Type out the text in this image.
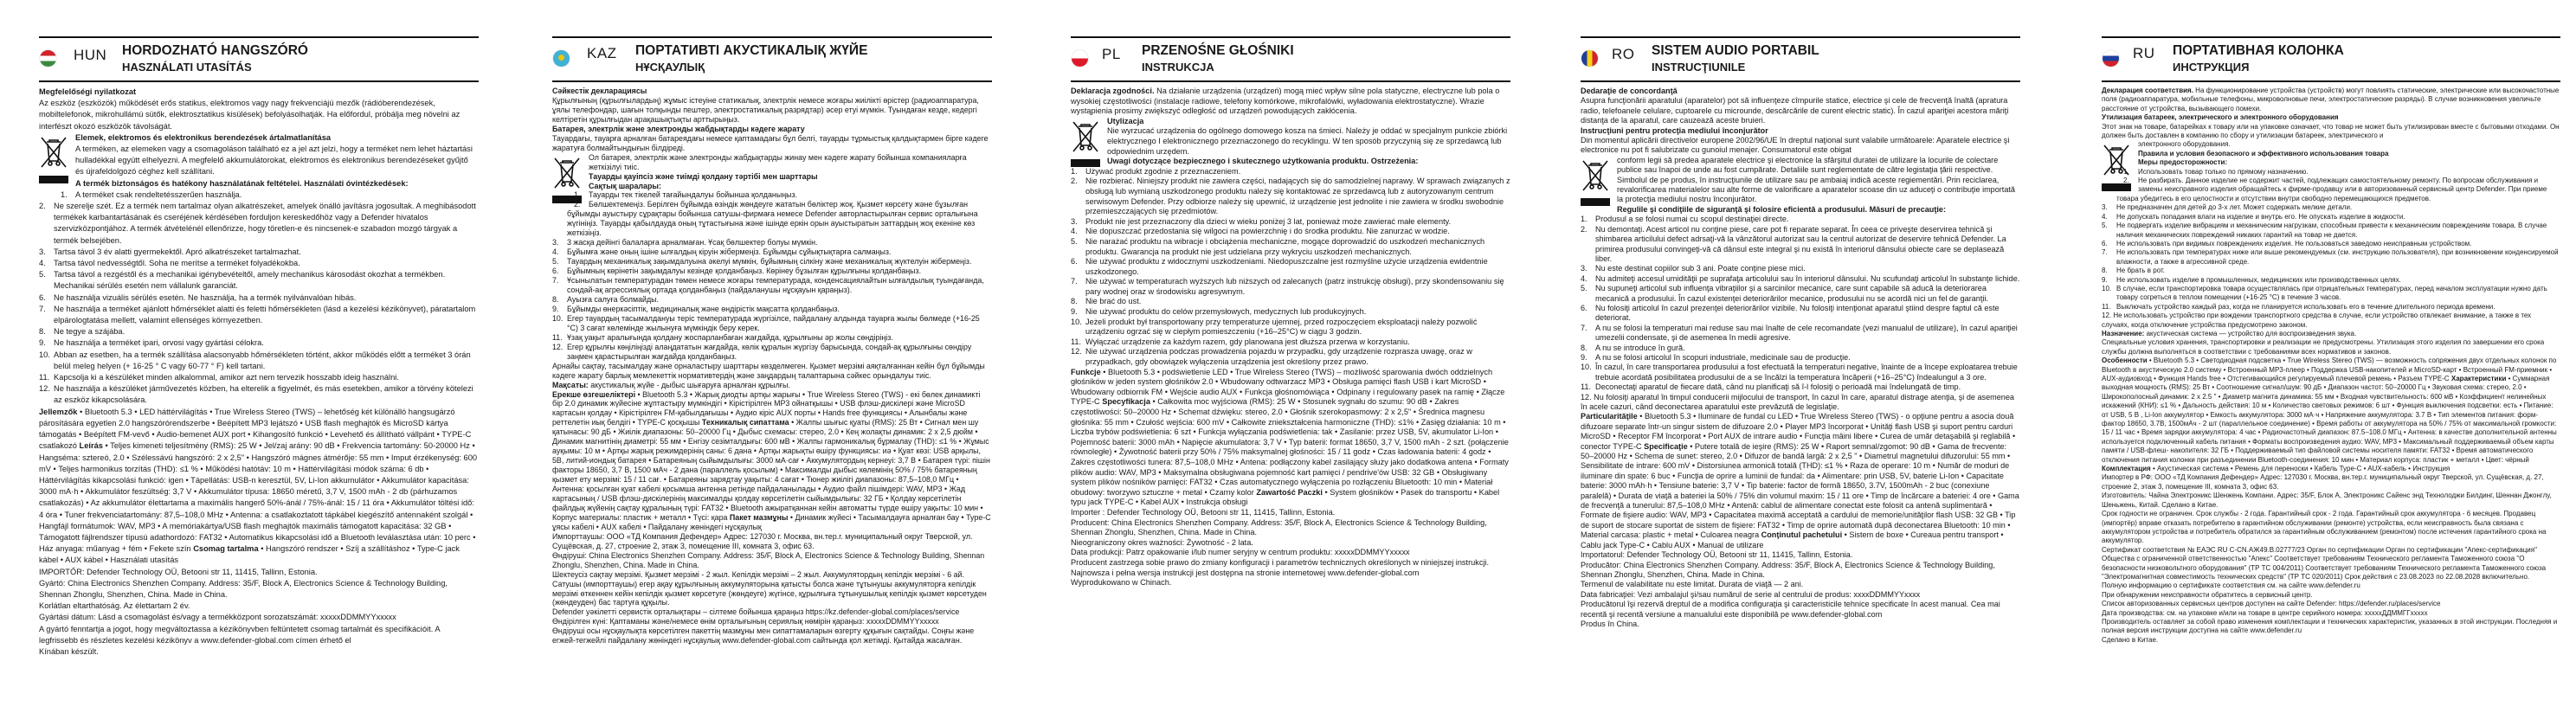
HUN HORDOZHATÓ HANGSZÓRÓ
HASZNÁLATI UTASÍTÁS
Megfelelőségi nyilatkozat
Az eszköz (eszközök) működését erős statikus, elektromos vagy nagy frekvenciájú mezők (rádióberendezések, mobiltelefonok, mikrohullámú sütők, elektrosztatikus kisülések) befolyásolhatják. Ha előfordul, próbálja meg növelni az interfészt okozó eszközök távolságát.
Elemek, elektromos és elektronikus berendezések ártalmatlanítása
A terméken, az elemeken vagy a csomagoláson található ez a jel azt jelzi, hogy a terméket nem lehet háztartási hulladékkal együtt elhelyezni. A megfelelő akkumulátorokat, elektromos és elektronikus berendezéseket gyűjtő és újrafeldolgozó céghez kell szállítani.
A termék biztonságos és hatékony használatának feltételei. Használati óvintézkedések:
1. A terméket csak rendeltetésszerűen használja.
2. Ne szerelje szét. Ez a termék nem tartalmaz olyan alkatrészeket, amelyek önálló javításra jogosultak. A meghibásodott termékek karbantartásának és cseréjének kérdésében forduljon kereskedőhöz vagy a Defender hivatalos szervizközpontjához. A termék átvételénél ellenőrizze, hogy töretlen-e és nincsenek-e szabadon mozgó tárgyak a termék belsejében.
3. Tartsa távol 3 év alatti gyermekektől. Apró alkatrészeket tartalmazhat.
4. Tartsa távol nedvességtől. Soha ne merítse a terméket folyadékokba.
5. Tartsa távol a rezgéstől és a mechanikai igénybevételtől, amely mechanikus károsodást okozhat a termékben. Mechanikai sérülés esetén nem vállalunk garanciát.
6. Ne használja vizuális sérülés esetén. Ne használja, ha a termék nyilvánvalóan hibás.
7. Ne használja a terméket ajánlott hőmérséklet alatti és feletti hőmérsékleten (lásd a kezelési kézikönyvet), páratartalom elpárologtatása mellett, valamint ellenséges környezetben.
8. Ne tegye a szájába.
9. Ne használja a terméket ipari, orvosi vagy gyártási célokra.
10. Abban az esetben, ha a termék szállítása alacsonyabb hőmérsékleten történt, akkor működés előtt a terméket 3 órán belül meleg helyen (+ 16-25 ° C vagy 60-77 ° F) kell tartani.
11. Kapcsolja ki a készüléket minden alkalommal, amikor azt nem tervezik hosszabb ideig használni.
12. Ne használja a készüléket járművezetés közben, ha elterelik a figyelmét, és más esetekben, amikor a törvény kötelezi az eszköz kikapcsolására.
Jellemzők • Bluetooth 5.3 • LED háttérvilágítás • True Wireless Stereo (TWS) – lehetőség két különálló hangsugárzó párosítására egyetlen 2.0 hangszórórendszerbe • Beépített MP3 lejátszó • USB flash meghajtók és MicroSD kártya támogatás • Beépített FM-vevő • Audio-bemenet AUX port • Kihangosító funkció • Levehető és állítható vállpánt • TYPE-C csatlakozó Leírás • Teljes kimeneti teljesítmény (RMS): 25 W • Jel/zaj arány: 90 dB • Frekvencia tartomány: 50-20000 Hz • Hangséma: sztereó, 2.0 • Szélessávú hangszóró: 2 x 2,5" • Hangszóró mágnes átmérője: 55 mm • Imput érzékenység: 600 mV • Teljes harmonikus torzítás (THD): ≤1 % • Működési hatótáv: 10 m • Háttérvilágítási módok száma: 6 db • Háttérvilágítás kikapcsolási funkció: igen • Tápellátás: USB-n keresztül, 5V, Li-Ion akkumulátor • Akkumulátor kapacitása: 3000 mA·h • Akkumulátor feszültség: 3,7 V • Akkumulátor típusa: 18650 méretű, 3,7 V, 1500 mAh - 2 db (párhuzamos csatlakozás) • Az akkumulátor élettartama a maximális hangerő 50%-ánál / 75%-ánál: 15 / 11 óra • Akkumulátor töltési idő: 4 óra • Tuner frekvenciatartomány: 87,5–108,0 MHz • Antenna: a csatlakoztatott tápkábel kiegészítő antennaként szolgál • Hangfájl formátumok: WAV, MP3 • A memóriakártya/USB flash meghajtók maximális támogatott kapacitása: 32 GB • Támogatott fájlrendszer típusú adathordozó: FAT32 • Automatikus kikapcsolási idő a Bluetooth leválasztása után: 10 perc • Ház anyaga: műanyag + fém • Fekete szín Csomag tartalma • Hangszóró rendszer • Szíj a szállításhoz • Type-C jack kábel • AUX kábel • Használati utasítás
IMPORTŐR: Defender Technology OÜ, Betooni str 11, 11415, Tallinn, Estonia.
Gyártó: China Electronics Shenzhen Company. Address: 35/F, Block A, Electronics Science & Technology Building, Shennan Zhonglu, Shenzhen, China. Made in China.
Korlátlan eltarthatóság. Az élettartam 2 év.
Gyártási dátum: Lásd a csomagolást és/vagy a termékközpont sorozatszámát: xxxxxDDMMYYxxxxx
A gyártó fenntartja a jogot, hogy megváltoztassa a kézikönyvben feltüntetett csomag tartalmát és specifikációit. A legfrissebb és részletes kezelési kézikönyv a www.defender-global.com címen érhető el
Kínában készült.
KAZ ПОРТАТИВТІ АКУСТИКАЛЫҚ ЖҮЙЕ
НҰСҚАУЛЫҚ
Сәйкестік декларациясы
Құрылғының (құрылғылардың) жұмыс істеуіне статикалық, электрлік немесе жоғары жиілікті өрістер (радиоаппаратура, ұялы телефондар, шағын толқынды пештер, электростатикалық разрядтар) әсер етуі мүмкін. Туындаған кезде, кедергі келтіретін құрылғыдан арақашықтықты арттырыңыз.
Батарея, электрлік және электронды жабдықтарды кәдеге жарату
Тауардағы, тауарға арналған батареядағы немесе қаптамадағы бұл белгі, тауарды тұрмыстық қалдықтармен бірге кәдеге жаратуға болмайтындығын білдіреді.
Ол батарея, электрлік және электронды жабдықтарды жинау мен кәдеге жарату бойынша компанияларға жеткізілуі тиіс.
Тауарды қауіпсіз және тиімді қолдану тәртібі мен шарттары
Сақтық шаралары:
1. Тауарды тек тікелей тағайындалуы бойынша қолданыңыз.
2. Бөлшектемеңіз. Берілген бұйымда өзіндік жөндеуге жататын бөліктер жоқ. Қызмет көрсету және бұзылған бұйымды ауыстыру сұрақтары бойынша сатушы-фирмаға немесе Defender авторластырылған сервис орталығына жүгініңіз. Тауарды қабылдауда оның тұтастығына және ішінде еркін орын ауыстыратын заттардың жоқ екеніне көз жеткізіңіз.
3. 3 жасқа дейінгі балаларға арналмаған. Ұсақ бөлшектер болуы мүмкін.
4. Бұйымға және оның ішіне ылғалдың кіруін жібермеңіз. Бұйымды сұйықтықтарға салмаңыз.
5. Тауардың механикалық зақымдалуына әкелуі мүмкін, бұйымның сілкіну және механикалық жүктелуін жібермеңіз.
6. Бұйымның көрінетін зақымдалуы кезінде қолданбаңыз. Көрінеу бұзылған құрылғыны қолданбаңыз.
7. Ұсынылатын температурадан төмен немесе жоғары температурада, конденсациялайтын ылғалдылық туындағанда, сондай-ақ агрессиялық ортада қолданбаңыз (пайдаланушы нұсқауын қараңыз).
8. Ауызға салуға болмайды.
9. Бұйымды өнеркәсіптік, медициналық және өндірістік мақсатта қолданбаңыз.
10. Егер тауардың тасымалдануы теріс температурада жүргізілсе, пайдалану алдында тауарға жылы бөлмеде (+16-25 °С) 3 сағат көлемінде жылынуға мүмкіндік беру керек.
11. Ұзақ уақыт аралығында қолдану жоспарланбаған жағдайда, құрылғыны әр жолы сөндіріңіз.
12. Егер құрылғы көңіліңізді алаңдататын жағдайда, көлік құралын жүргізу барысында, сондай-ақ құрылғыны сөндіру заңмен қарастырылған жағдайда қолданбаңыз.
Арнайы сақтау, тасымалдау және орналастыру шарттары көзделмеген. Қызмет мерзімі аяқталғаннан кейін бұл бұйымды кәдеге жарату барлық мемлекеттік нормативтердің және заңдардың талаптарына сәйкес орындалуы тиіс.
Мақсаты: акустикалық жүйе - дыбыс шығаруға арналған құрылғы.
Ерекше өзгешеліктері • Bluetooth 5.3 • Жарық диодты артқы жарығы • True Wireless Stereo (TWS) - екі бөлек динамикті бір 2.0 динамик жүйесіне жұптастыру мүмкіндігі • Кірістірілген MP3 ойнатқышы • USB флэш-дискілері және MicroSD картасын қолдау • Кірістірілген FM-қабылдағышы • Аудио кіріс AUX порты • Hands free функциясы • Алынбалы және реттелетін иық белдігі • TYPE-C қосқышы Техникалық сипаттама • Жалпы шығыс қуаты (RMS): 25 Вт • Сигнал мен шу қатынасы: 90 дБ • Жиілік диапазоны: 50–20000 Гц • Дыбыс схемасы: стерео, 2.0 • Кең жолақты динамик: 2 x 2,5 дюйм • Динамик магнитінің диаметрі: 55 мм • Енгізу сезімталдығы: 600 мВ • Жалпы гармоникалық бұрмалау (THD): ≤1 % • Жұмыс ауқымы: 10 м • Артқы жарық режимдерінің саны: 6 дана • Артқы жарықты өшіру функциясы: иә • Қуат көзі: USB арқылы, 5В, литий-иондық батарея • Батареяның сыйымдылығы: 3000 мА·сағ • Аккумулятордың кернеуі: 3,7 В • Батарея түрі: пішін факторы 18650, 3,7 В, 1500 мАч - 2 дана (параллель қосылым) • Максималды дыбыс көлемінің 50% / 75% батареяның қызмет ету мерзімі: 15 / 11 сағ. • Батареяны зарядтау уақыты: 4 сағат • Тюнер жиілігі диапазоны: 87,5–108,0 МГц • Антенна: қосылған қуат кабелі қосымша антенна ретінде пайдаланылады • Аудио файл пішімдері: WAV, MP3 • Жад картасының / USB флэш-дискілерінің максималды қолдау көрсетілетін сыйымдылығы: 32 ГБ • Қолдау көрсетілетін файлдық жүйенің сақтау құралының түрі: FAT32 • Bluetooth ажыратқаннан кейін автоматты түрде өшіру уақыты: 10 мин • Корпус материалы: пластик + металл • Түсі: қара Пакет мазмұны • Динамик жүйесі • Тасымалдауға арналған бау • Type-C ұясы кабелі • AUX кабелі • Пайдалану жөніндегі нұсқаулық
Импорттаушы: ООО «ТД Компания Дефендер» Адрес: 127030 г. Москва, вн.тер.г. муниципальный округ Тверской, ул. Сущёвская, д. 27, строение 2, этаж 3, помещение III, комната 3, офис 63.
Өндіруші: China Electronics Shenzhen Company. Address: 35/F, Block A, Electronics Science & Technology Building, Shennan Zhonglu, Shenzhen, China. Made in China.
Шектеусіз сақтау мерзімі. Қызмет мерзімі - 2 жыл. Кепілдік мерзімі – 2 жыл. Аккумулятордың кепілдік мерзімі - 6 ай. Сатушы (импорттаушы) егер ақау құрылғының аккумуляторына қатысты болса және тұтынушы аккумуляторға кепілдік мерзімі өткеннен кейін кепілдік қызмет көрсетуге (жөндеуге) жүгінсе, құрылғыға тұтынушылық кепілдік қызмет көрсетуден (жөндеуден) бас тартуға құқылы.
Defender уәкілетті сервистік орталықтары – сілтеме бойынша қараңыз https://kz.defender-global.com/places/service
Өндірілген күні: Қаптаманы және/немесе өнім орталығының сериялық нөмірін қараңыз: xxxxxDDMMYYxxxxx
Өндіруші осы нұсқаулықта көрсетілген пакеттің мазмұны мен сипаттамаларын өзгерту құқығын сақтайды. Соңғы және егжей-тегжейлі пайдалану жөніндегі нұсқаулық www.defender-global.com сайтында қол жетімді. Қытайда жасалған.
PL PRZENOŚNE GŁOŚNIKI
INSTRUKCJA
Deklaracja zgodności. Na działanie urządzenia (urządzeń) mogą mieć wpływ silne pola statyczne, electryczne lub pola o wysokiej częstotliwości (instalacje radiowe, telefony komórkowe, mikrofalówki, wyładowania elektrostatyczne). Wrazie wystąpienia prosimy zwiększyć odległość od urządzeń powodujących zakłócenia.
Utylizacja
Nie wyrzucać urządzenia do ogólnego domowego kosza na śmieci. Należy je oddać w specjalnym punkcie zbiórki elektrycznego I elektronicznego przeznaczonego do recyklingu. W ten sposób przyczynią się ze sprzedawcą lub odpowiednim urzędem.
Uwagi dotyczące bezpiecznego i skutecznego użytkowania produktu. Ostrzeżenia:
1. Używać produkt zgodnie z przeznaczeniem.
2. Nie rozbierać. Niniejszy produkt nie zawiera części, nadających się do samodzielnej naprawy. W sprawach związanych z obsługą lub wymianą uszkodzonego produktu należy się kontaktować ze sprzedawcą lub z autoryzowanym centrum serwisowym Defender. Przy odbiorze należy się upewnić, iż urządzenie jest jednolite i nie zawiera w środku swobodnie przemieszczających się przedmiotów.
3. Produkt nie jest przeznaczony dla dzieci w wieku poniżej 3 lat, ponieważ może zawierać małe elementy.
4. Nie dopuszczać przedostania się wilgoci na powierzchnię i do środka produktu. Nie zanurzać w wodzie.
5. Nie narażać produktu na wibracje i obciążenia mechaniczne, mogące doprowadzić do uszkodzeń mechanicznych produktu. Gwarancja na produkt nie jest udzielana przy wykryciu uszkodzeń mechanicznych.
6. Nie używać produktu z widocznymi uszkodzeniami. Niedopuszczalne jest rozmyślne użycie urządzenia ewidentnie uszkodzonego.
7. Nie używać w temperaturach wyższych lub niższych od zalecanych (patrz instrukcję obsługi), przy skondensowaniu się pary wodnej oraz w środowisku agresywnym.
8. Nie brać do ust.
9. Nie używać produktu do celów przemysłowych, medycznych lub produkcyjnych.
10. Jeżeli produkt był transportowany przy temperaturze ujemnej, przed rozpoczęciem eksploatacji należy pozwolić urządzeniu ogrzać się w ciepłym pomieszczeniu (+16–25°C) w ciągu 3 godzin.
11. Wyłączać urządzenie za każdym razem, gdy planowana jest dłuższa przerwa w korzystaniu.
12. Nie używać urządzenia podczas prowadzenia pojazdu w przypadku, gdy urządzenie rozprasza uwagę, oraz w przypadkach, gdy obowiązek wyłączenia urządzenia jest określony przez prawo.
Funkcje • Bluetooth 5.3 • podświetlenie LED • True Wireless Stereo (TWS) – możliwość sparowania dwóch oddzielnych głośników w jeden system głośników 2.0 • Wbudowany odtwarzacz MP3 • Obsługa pamięci flash USB i kart MicroSD • Wbudowany odbiornik FM • Wejście audio AUX • Funkcja głośnomówiąca • Odpinany i regulowany pasek na ramię • Złącze TYPE-C Specyfikacja • Całkowita moc wyjściowa (RMS): 25 W • Stosunek sygnału do szumu: 90 dB • Zakres częstotliwości: 50–20000 Hz • Schemat dźwięku: stereo, 2.0 • Głośnik szerokopasmowy: 2 x 2,5" • Średnica magnesu głośnika: 55 mm • Czułość wejścia: 600 mV • Całkowite zniekształcenia harmoniczne (THD): ≤1% • Zasięg działania: 10 m • Liczba trybów podświetlenia: 6 szt • Funkcja wyłączania podświetlenia: tak • Zasilanie: przez USB, 5V, akumulator Li-Ion • Pojemność baterii: 3000 mAh • Napięcie akumulatora: 3,7 V • Typ baterii: format 18650, 3,7 V, 1500 mAh - 2 szt. (połączenie równoległe) • Żywotność baterii przy 50% / 75% maksymalnej głośności: 15 / 11 godz • Czas ładowania baterii: 4 godz • Zakres częstotliwości tunera: 87,5–108,0 MHz • Antena: podłączony kabel zasilający służy jako dodatkowa antena • Formaty plików audio: WAV, MP3 • Maksymalna obsługiwana pojemność kart pamięci / pendrive'ów USB: 32 GB • Obsługiwany system plików nośników pamięci: FAT32 • Czas automatycznego wyłączenia po rozłączeniu Bluetooth: 10 min • Materiał obudowy: tworzywo sztuczne + metal • Czarny kolor Zawartość Paczki • System głośników • Pasek do transportu • Kabel typu jack TYPE-C • Kabel AUX • Instrukcja obsługi
Importer : Defender Technology OÜ, Betooni str 11, 11415, Tallinn, Estonia.
Producent: China Electronics Shenzhen Company. Address: 35/F, Block A, Electronics Science & Technology Building, Shennan Zhonglu, Shenzhen, China. Made in China.
Nieograniczony okres ważności: Żywotność - 2 lata.
Data produkcji: Patrz opakowanie i/lub numer seryjny w centrum produktu: xxxxxDDMMYYxxxxx
Producent zastrzega sobie prawo do zmiany konfiguracji i parametrów technicznych określonych w niniejszej instrukcji. Najnowsza i pełna wersja instrukcji jest dostępna na stronie internetowej www.defender-global.com
Wyprodukowano w Chinach.
RO SISTEM AUDIO PORTABIL
INSTRUCŢIUNILE
Dedaraţie de concordanţă
Asupra funcţionării aparatului (aparatelor) pot să influenţeze cîmpurile statice, electrice şi cele de frecvenţă înaltă (apratura radio, telefoanele celulare, cuptoarele cu microunde, descărcările de curent electric static). În cazul apariţiei acestora măriţi distanţa de la aparatul, care cauzează aceste bruieri.
Instrucţiuni pentru protecţia mediului înconjurător
Din momentul aplicării directivelor europene 2002/96/UE în dreptul naţional sunt valabile următoarele: Aparatele electrice şi electronice nu pot fi salubrizate cu gunoiul menajer. Consumatorul este obigat
conform legii să predea aparatele electrice şi electronice la sfârşitul duratei de utilizare la locurile de colectare publice sau înapoi de unde au fost cumpărate. Detaliile sunt reglementate de către legistaţia ţării respective. Simbolul de pe produs, în instrucţiunile de utilizare sau pe ambaiaj indică aceste regiementări. Prin reciclarea, revalorificarea materialelor sau alte forme de valorificare a aparatelor scoase din uz aduceţi o contribuţie importată la protecţia mediului nostru înconjurător.
Regulile şi condiţiile de siguranţă şi folosire eficientă a produsului. Măsuri de precauţie:
1. Produsul a se folosi numai cu scopul destinaţiei directe.
2. Nu demontaţi. Acest articol nu conţine piese, care pot fi reparate separat. În ceea ce priveşte deservirea tehnică şi shimbarea articilului defect adrsaţi-vă la vânzătorul autorizat sau la centrul autorizat de deservire tehnică Defender. La primirea produsului convingeţi-vă că dânsul este integral şi nu există în interiorul dânsului obiecte care se deplasează liber.
3. Nu este destinat copiilor sub 3 ani. Poate conţine piese mici.
4. Nu admiteţi accesul umidităţii pe suprafaţa articolului sau în interiorul dânsului. Nu scufundaţi articolul în substanţe lichide.
5. Nu supuneţi articolul sub influenţa vibraţiilor şi a sarcinilor mecanice, care sunt capabile să aducă la deteriorarea mecanică a produsului. În cazul existenţei deteriorărilor mecanice, produsului nu se acordă nici un fel de garanţii.
6. Nu folosiţi articolul în cazul prezenţei deteriorărilor vizibile. Nu folosiţi intenţionat aparatul ştiind despre faptul că este deteriorat.
7. A nu se folosi la temperaturi mai reduse sau mai înalte de cele recomandate (vezi manualul de utilizare), în cazul apariţiei umezelii condensate, şi de asemenea în medii agresive.
8. A nu se introduce în gură.
9. A nu se folosi articolul în scopuri industriale, medicinale sau de producţie.
10. În cazul, în care transportarea produsului a fost efectuată la temperaturi negative, înainte de a începe exploatarea trebuie trebuie acordată posibilitatea produsului de a se încălzi la temperatura încăperii (+16–25°C) îndealungul a 3 ore.
11. Deconectaţi aparatul de fiecare dată, când nu planificaţi să î-l folosiţi o perioadă mai îndelungată de timp.
12. Nu folosiţi aparatul în timpul conducerii mijlocului de transport, în cazul în care, aparatul distrage atenţia, şi de asemenea în acele cazuri, când deconectarea aparatului este prevăzută de legislaţie.
Particularităţile • Bluetooth 5.3 • Iluminare de fundal cu LED • True Wireless Stereo (TWS) - o opţiune pentru a asocia două difuzoare separate într-un singur sistem de difuzoare 2.0 • Player MP3 încorporat • Unităţi flash USB şi suport pentru carduri MicroSD • Receptor FM încorporat • Port AUX de intrare audio • Funcţia mâini libere • Curea de umăr detaşabilă şi reglabilă • conector TYPE-C Specificaţie • Putere totală de ieşire (RMS): 25 W • Raport semnal/zgomot: 90 dB • Gama de frecvente: 50–20000 Hz • Schema de sunet: stereo, 2.0 • Difuzor de bandă largă: 2 x 2,5 " • Diametrul magnetului difuzorului: 55 mm • Sensibilitate de intrare: 600 mV • Distorsiunea armonică totală (THD): ≤1 % • Raza de operare: 10 m • Număr de moduri de iluminare din spate: 6 buc • Funcţia de oprire a luminii de fundal: da • Alimentare: prin USB, 5V, baterie Li-Ion • Capacitate baterie: 3000 mAh·h • Tensiune baterie: 3,7 V • Tip baterie: factor de formă 18650, 3.7V, 1500mAh - 2 buc (conexiune paralelă) • Durata de viaţă a bateriei la 50% / 75% din volumul maxim: 15 / 11 ore • Timp de încărcare a bateriei: 4 ore • Gama de frecvenţă a tunerului: 87,5–108,0 MHz • Antenă: cablul de alimentare conectat este folosit ca antenă suplimentară • Formate de fişiere audio: WAV, MP3 • Capacitatea maximă acceptată a cardului de memorie/unităţilor flash USB: 32 GB • Tip de suport de stocare suportat de sistem de fişiere: FAT32 • Timp de oprire automată după deconectarea Bluetooth: 10 min • Material carcasa: plastic + metal • Culoarea neagra Conţinutul pachetului • Sistem de boxe • Cureaua pentru transport • Cablu jack Type-C • Cablu AUX • Manual de utilizare
Importatorul: Defender Technology OÜ, Betooni str 11, 11415, Tallinn, Estonia.
Producător: China Electronics Shenzhen Company. Address: 35/F, Block A, Electronics Science & Technology Building, Shennan Zhonglu, Shenzhen, China. Made in China.
Termenul de valabilitate nu este limitat. Durata de viaţă — 2 ani.
Data fabricaţiei: Vezi ambalajul şi/sau numărul de serie al centrului de produs: xxxxDDMMYYxxxx
Producătorul îşi rezervă dreptul de a modifica configuraţia şi caracteristicile tehnice specificate în acest manual. Cea mai recentă şi recentă versiune a manualului este disponibilă pe www.defender-global.com
Produs în China.
RU ПОРТАТИВНАЯ КОЛОНКА
ИНСТРУКЦИЯ
Декларация соответствия. На функционирование устройства (устройств) могут повлиять статические, электрические или высокочастотные поля (радиоаппаратура, мобильные телефоны, микроволновые печи, электростатические разряды). В случае возникновения увеличьте расстояние от устройства, вызывающего помехи.
Утилизация батареек, электрического и электронного оборудования
Этот знак на товаре, батарейках к товару или на упаковке означает, что товар не может быть утилизирован вместе с бытовыми отходами. Он должен быть доставлен в компанию по сбору и утилизации батареек, электрического и
электронного оборудования.
Правила и условия безопасного и эффективного использования товара
Меры предосторожности:
1. Использовать товар только по прямому назначению.
2. Не разбирать. Данное изделие не содержит частей, подлежащих самостоятельному ремонту. По вопросам обслуживания и замены неисправного изделия обращайтесь к фирме-продавцу или в авторизованный сервисный центр Defender. При приеме товара убедитесь в его целостности и отсутствии внутри свободно перемещающихся предметов.
3. Не предназначен для детей до 3-х лет. Может содержать мелкие детали.
4. Не допускать попадания влаги на изделие и внутрь его. Не опускать изделие в жидкости.
5. Не подвергать изделие вибрациям и механическим нагрузкам, способным привести к механическим повреждениям товара. В случае наличия механических повреждений никаких гарантий на товар не дается.
6. Не использовать при видимых повреждениях изделия. Не пользоваться заведомо неисправным устройством.
7. Не использовать при температурах ниже или выше рекомендуемых (см. инструкцию пользователя), при возникновении конденсируемой влажности, а также в агрессивной среде.
8. Не брать в рот.
9. Не использовать изделие в промышленных, медицинских или производственных целях.
10. В случае, если транспортировка товара осуществлялась при отрицательных температурах, перед началом эксплуатации нужно дать товару согреться в теплом помещении (+16-25 °С) в течение 3 часов.
11. Выключать устройство каждый раз, когда не планируется использовать его в течение длительного периода времени.
12. Не использовать устройство при вождении транспортного средства в случае, если устройство отвлекает внимание, а также в тех случаях, когда отключение устройства предусмотрено законом.
Назначение: акустическая система — устройство для воспроизведения звука.
Специальные условия хранения, транспортировки и реализации не предусмотрены. Утилизация этого изделия по завершении его срока службы должна выполняться в соответствии с требованиями всех нормативов и законов.
Особенности • Bluetooth 5.3 • Светодиодная подсветка • True Wireless Stereo (TWS) — возможность сопряжения двух отдельных колонок по Bluetooth в акустическую 2.0 систему • Встроенный MP3-плеер • Поддержка USB-накопителей и MicroSD-карт • Встроенный FM-приемник • AUX-аудиовход • Функция Hands free • Отстегивающийся регулируемый плечевой ремень • Разъем TYPE-C Характеристики • Суммарная выходная мощность (RMS): 25 Вт • Соотношение сигнал/шум: 90 дБ • Диапазон частот: 50–20000 Гц • Звуковая схема: стерео, 2.0 • Широкополосный динамик: 2 x 2.5 " • Диаметр магнита динамика: 55 мм • Входная чувствительность: 600 мВ • Коэффициент нелинейных искажений (КНИ): ≤1 % • Дальность действия: 10 м • Количество световых режимов: 6 шт • Функция выключения подсветки: есть • Питание: от USB, 5 В , Li-Ion аккумулятор • Емкость аккумулятора: 3000 мА·ч • Напряжение аккумулятора: 3.7 В • Тип элементов питания: форм-фактор 18650, 3.7В, 1500мАч - 2 шт (параллельное соединение) • Время работы от аккумулятора на 50% / 75% от максимальной громкости: 15 / 11 час • Время зарядки аккумулятора: 4 час • Радиочастотный диапазон: 87.5–108.0 МГц • Антенна: в качестве дополнительной антенны используется подключенный кабель питания • Форматы воспроизведения аудио: WAV, MP3 • Максимальный поддерживаемый объем карты памяти / USB-флеш- накопителя: 32 ГБ • Поддерживаемый тип файловой системы носителя памяти: FAT32 • Время автоматического отключения питания колонки при разъединении Bluetooth-соединения: 10 мин • Материал корпуса: пластик + металл • Цвет: чёрный
Комплектация • Акустическая система • Ремень для переноски • Кабель Type-C • AUX-кабель • Инструкция
Импортер в РФ: ООО «ТД Компания Дефендер» Адрес: 127030 г. Москва, вн.тер.г. муниципальный округ Тверской, ул. Сущёвская, д. 27, строение 2, этаж 3, помещение III, комната 3, офис 63.
Изготовитель: Чайна Электроникс Шенжень Компани. Адрес: 35/F, Блок А, Электроникс Сайенс энд Технолоджи Билдинг, Шеннан Джонглу, Шеньжень, Китай. Сделано в Китае.
Срок годности не ограничен. Срок службы - 2 года. Гарантийный срок - 2 года. Гарантийный срок аккумулятора - 6 месяцев. Продавец (импортёр) вправе отказать потребителю в гарантийном обслуживании (ремонте) устройства, если неисправность была связана с аккумулятором устройства и потребитель обратился за гарантийным обслуживанием (ремонтом) после истечения гарантийного срока на аккумулятор.
Сертификат соответствия № ЕАЭС RU C-CN.АЖ49.В.02777/23 Орган по сертификации Орган по сертификации "Апекс-сертификация" Общества с ограниченной ответственностью "Апекс" Соответствует требованиям Технического регламента Таможенного союза "О безопасности низковольтного оборудования" (ТР ТС 004/2011) Соответствует требованиям Технического регламента Таможенного союза "Электромагнитная совместимость технических средств" (ТР ТС 020/2011) Срок действия с 23.08.2023 по 22.08.2028 включительно.
Полную информацию о сертификате соответствия см. на сайте www.defender.ru
При обнаружении неисправности обратитесь в сервисный центр.
Список авторизованных сервисных центров доступен на сайте Defender: https://defender.ru/places/service
Дата производства: см. на упаковке и/или на товаре в центре серийного номера: xxxxxДДММГГxxxxx
Производитель оставляет за собой право изменения комплектации и технических характеристик, указанных в этой инструкции. Последняя и полная версия инструкции доступна на сайте www.defender.ru
Сделано в Китае.
